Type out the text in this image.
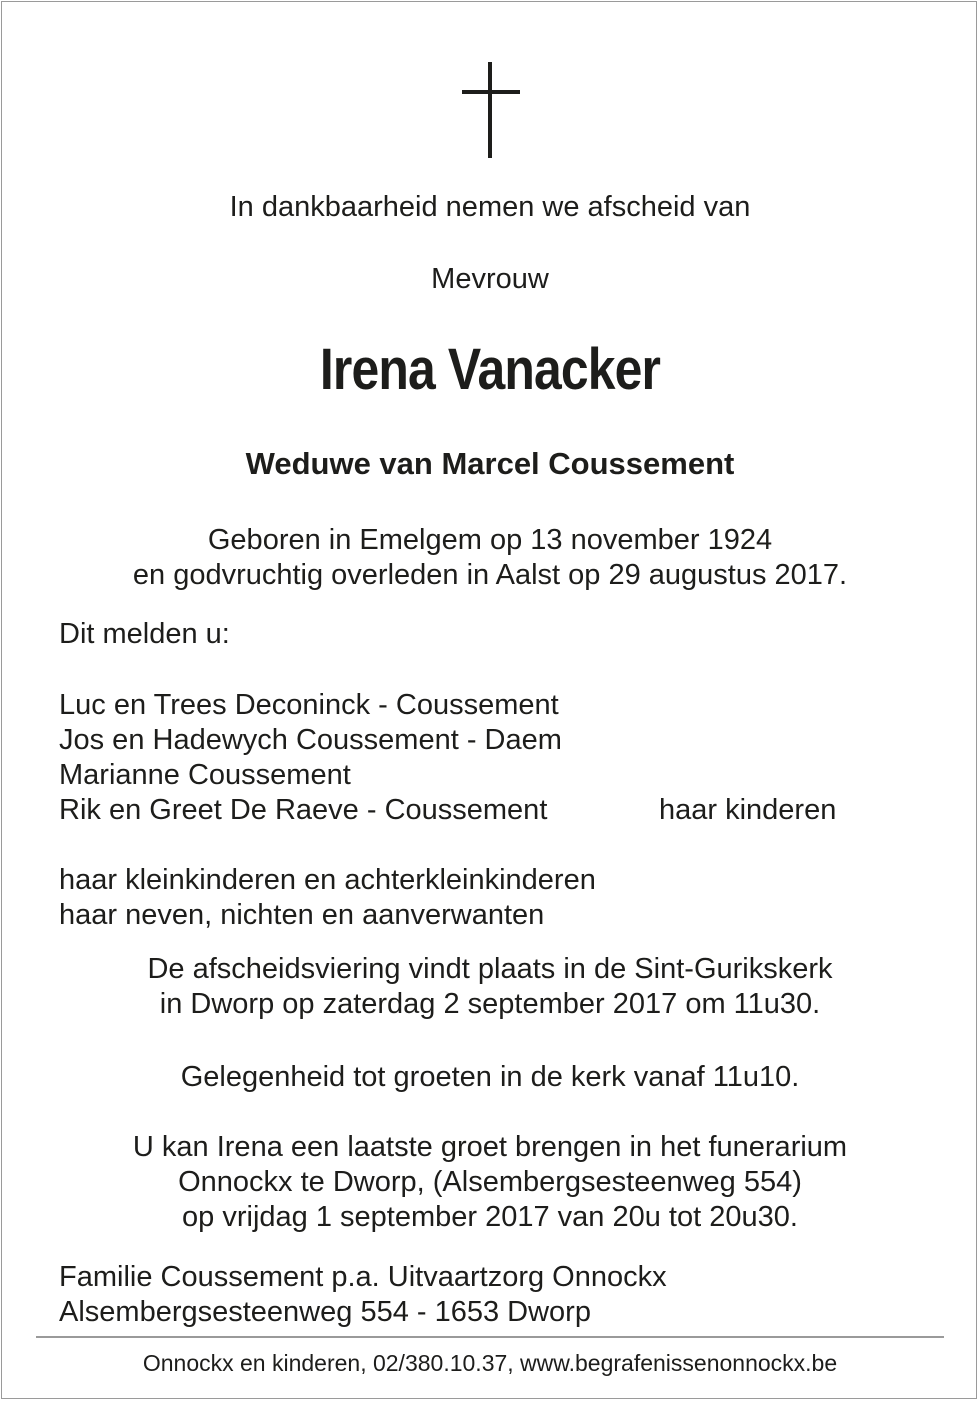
In dankbaarheid nemen we afscheid van
Mevrouw
Irena Vanacker
Weduwe van Marcel Coussement
Geboren in Emelgem op 13 november 1924
en godvruchtig overleden in Aalst op 29 augustus 2017.
Dit melden u:
Luc en Trees Deconinck - Coussement
Jos en Hadewych Coussement - Daem
Marianne Coussement
Rik en Greet De Raeve - Coussement	haar kinderen
haar kleinkinderen en achterkleinkinderen
haar neven, nichten en aanverwanten
De afscheidsviering vindt plaats in de Sint-Gurikskerk
in Dworp op zaterdag 2 september 2017 om 11u30.
Gelegenheid tot groeten in de kerk vanaf 11u10.
U kan Irena een laatste groet brengen in het funerarium
Onnockx te Dworp, (Alsembergsesteenweg 554)
op vrijdag 1 september 2017 van 20u tot 20u30.
Familie Coussement p.a. Uitvaartzorg Onnockx
Alsembergsesteenweg 554 - 1653 Dworp
Onnockx en kinderen, 02/380.10.37, www.begrafenissenonnockx.be
